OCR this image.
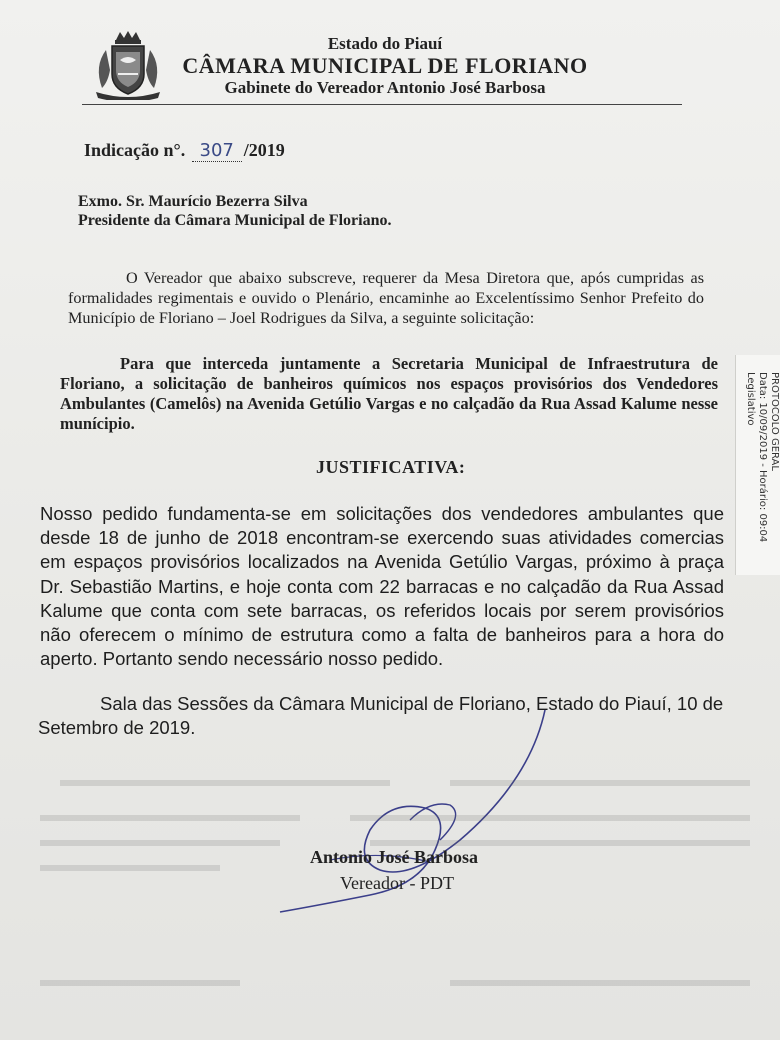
Estado do Piauí
CÂMARA MUNICIPAL DE FLORIANO
Gabinete do Vereador Antonio José Barbosa
Indicação n°. 307 /2019
Exmo. Sr. Maurício Bezerra Silva
Presidente da Câmara Municipal de Floriano.
O Vereador que abaixo subscreve, requerer da Mesa Diretora que, após cumpridas as formalidades regimentais e ouvido o Plenário, encaminhe ao Excelentíssimo Senhor Prefeito do Município de Floriano – Joel Rodrigues da Silva, a seguinte solicitação:
Para que interceda juntamente a Secretaria Municipal de Infraestrutura de Floriano, a solicitação de banheiros químicos nos espaços provisórios dos Vendedores Ambulantes (Camelôs) na Avenida Getúlio Vargas e no calçadão da Rua Assad Kalume nesse munícipio.
JUSTIFICATIVA:
Nosso pedido fundamenta-se em solicitações dos vendedores ambulantes que desde 18 de junho de 2018 encontram-se exercendo suas atividades comercias em espaços provisórios localizados na Avenida Getúlio Vargas, próximo à praça Dr. Sebastião Martins, e hoje conta com 22 barracas e no calçadão da Rua Assad Kalume que conta com sete barracas, os referidos locais por serem provisórios não oferecem o mínimo de estrutura como a falta de banheiros para a hora do aperto. Portanto sendo necessário nosso pedido.
Sala das Sessões da Câmara Municipal de Floriano, Estado do Piauí, 10 de Setembro de 2019.
Antonio José Barbosa
Vereador - PDT
PROTOCOLO GERAL
Data: 10/09/2019 - Horário: 09:04
Legislativo
